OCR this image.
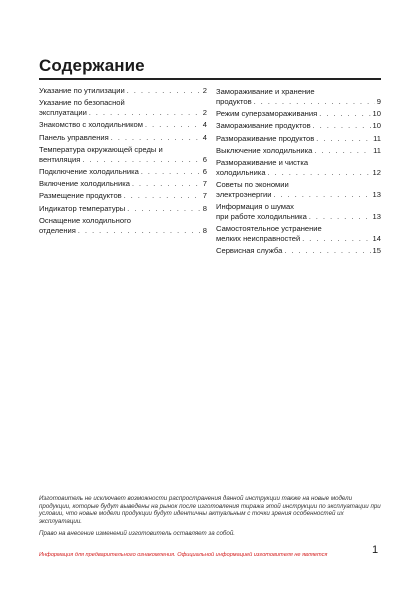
Содержание
Указание по утилизации . . .	2
Указание по безопасной
эксплуатации . . .	2
Знакомство с холодильником . . .	4
Панель управления . . .	4
Температура окружающей среды и
вентиляция . . .	6
Подключение холодильника . . .	6
Включение холодильника . . .	7
Размещение продуктов . . .	7
Индикатор температуры . . .	8
Оснащение холодильного
отделения . . .	8
Замораживание и хранение
продуктов . . .	9
Режим суперзамораживания . . .	10
Замораживание продуктов . . .	10
Размораживание продуктов . . .	11
Выключение холодильника . . .	11
Размораживание и чистка
холодильника . . .	12
Советы по экономии
электроэнергии . . .	13
Информация о шумах
при работе холодильника . . .	13
Самостоятельное устранение
мелких неисправностей . . .	14
Сервисная служба . . .	15

Изготовитель не исключает возможности распространения данной инструкции также на новые модели продукции, которые будут выведены на рынок после изготовления тиража этой инструкции по эксплуатации при условии, что новые модели продукции будут идентичны актуальным с точки зрения особенностей их эксплуатации.

Право на внесение изменений изготовитель оставляет за собой.

Информация для предварительного ознакомления. Официальной информацией изготовителя не является	1
